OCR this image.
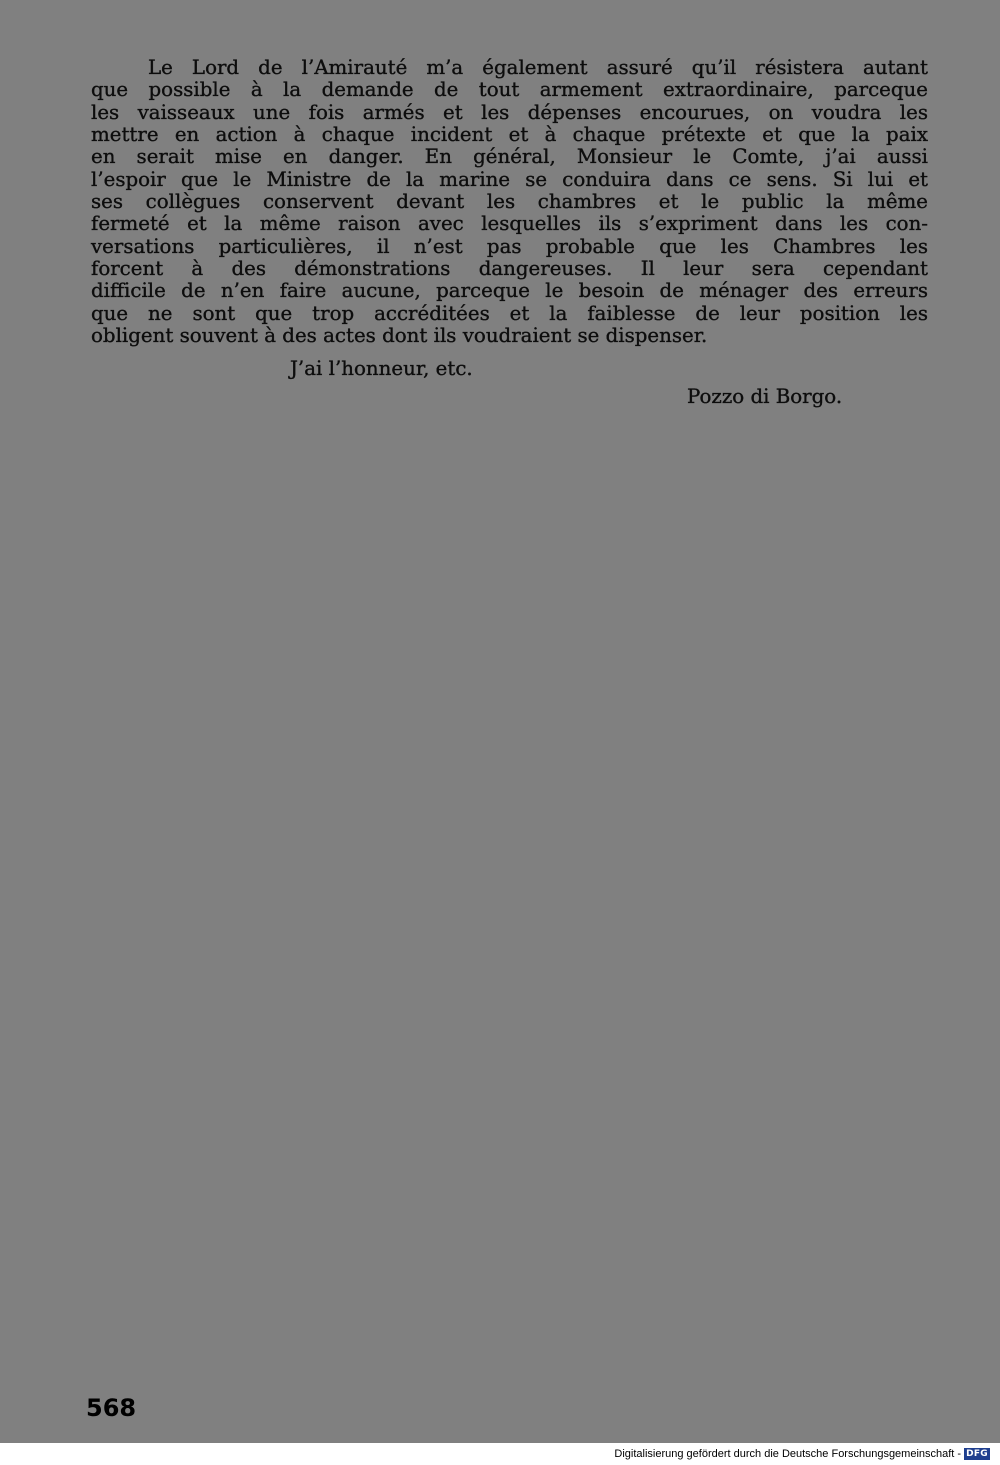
Le Lord de l’Amirauté m’a également assuré qu’il résistera autant
que possible à la demande de tout armement extraordinaire, parceque
les vaisseaux une fois armés et les dépenses encourues, on voudra les
mettre en action à chaque incident et à chaque prétexte et que la paix
en serait mise en danger. En général, Monsieur le Comte, j’ai aussi
l’espoir que le Ministre de la marine se conduira dans ce sens. Si lui et
ses collègues conservent devant les chambres et le public la même
fermeté et la même raison avec lesquelles ils s’expriment dans les con-
versations particulières, il n’est pas probable que les Chambres les
forcent à des démonstrations dangereuses. Il leur sera cependant
difficile de n’en faire aucune, parceque le besoin de ménager des erreurs
que ne sont que trop accréditées et la faiblesse de leur position les
obligent souvent à des actes dont ils voudraient se dispenser.

J’ai l’honneur, etc.
Pozzo di Borgo.
568
Digitalisierung gefördert durch die Deutsche Forschungsgemeinschaft - DFG
